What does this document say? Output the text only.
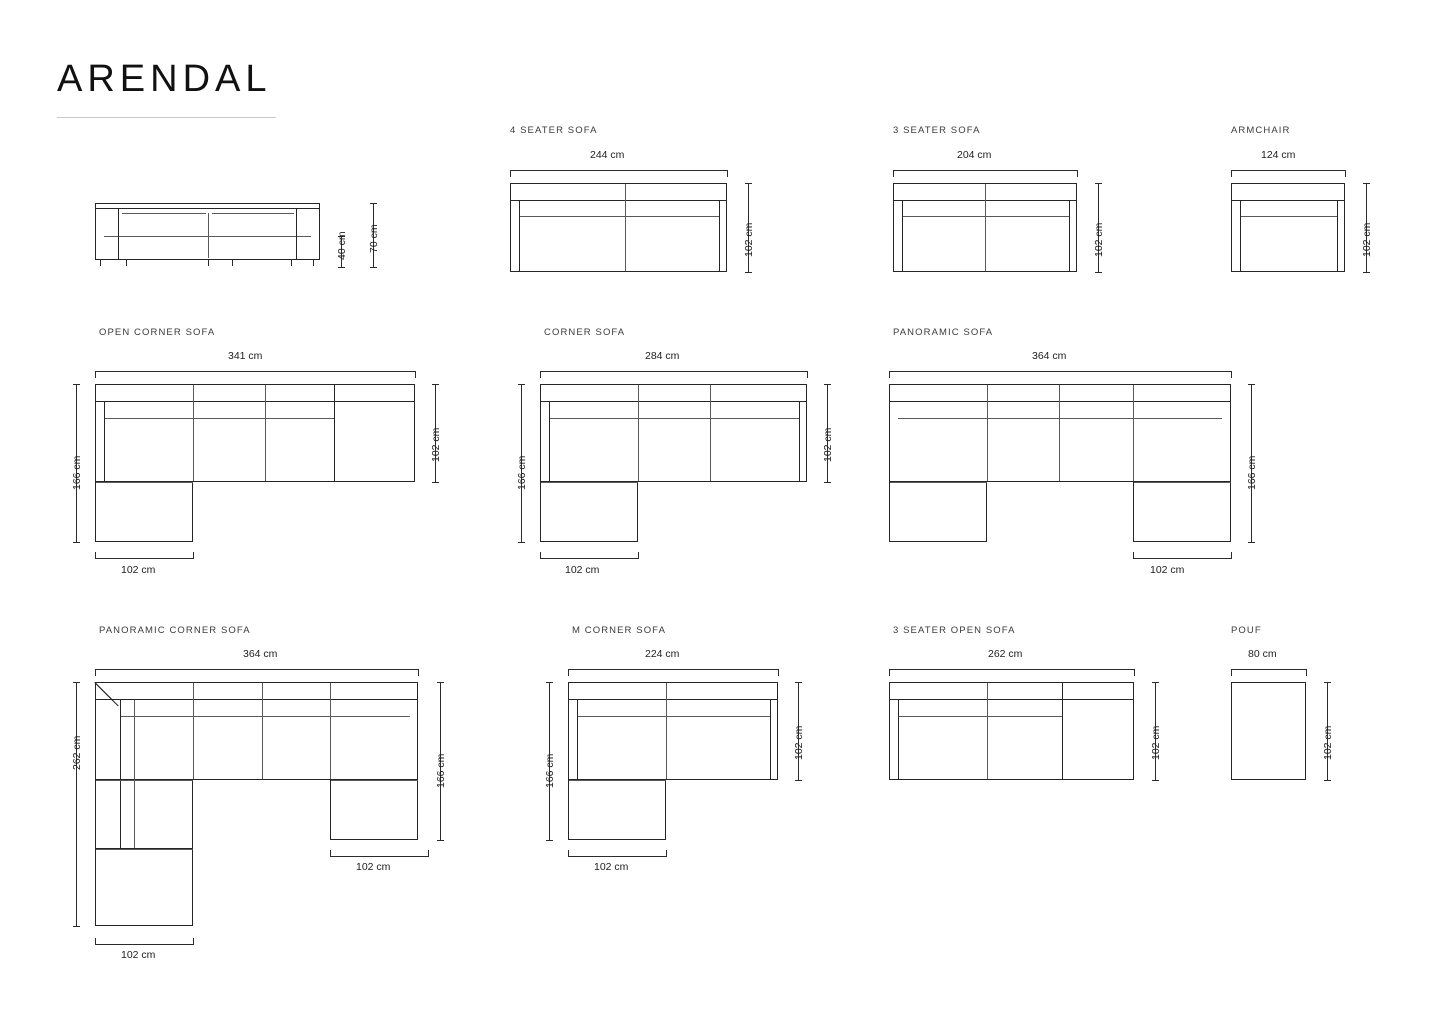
ARENDAL
40 cm 70 cm
4 SEATER SOFA
244 cm
102 cm
3 SEATER SOFA
204 cm
102 cm
ARMCHAIR
124 cm
102 cm
OPEN CORNER SOFA
341 cm
166 cm
102 cm
102 cm
CORNER SOFA
284 cm
166 cm
102 cm
102 cm
PANORAMIC SOFA
364 cm
166 cm
102 cm
PANORAMIC CORNER SOFA
364 cm
262 cm
166 cm
102 cm
102 cm
M CORNER SOFA
224 cm
166 cm
102 cm
102 cm
3 SEATER OPEN SOFA
262 cm
102 cm
POUF
80 cm
102 cm
